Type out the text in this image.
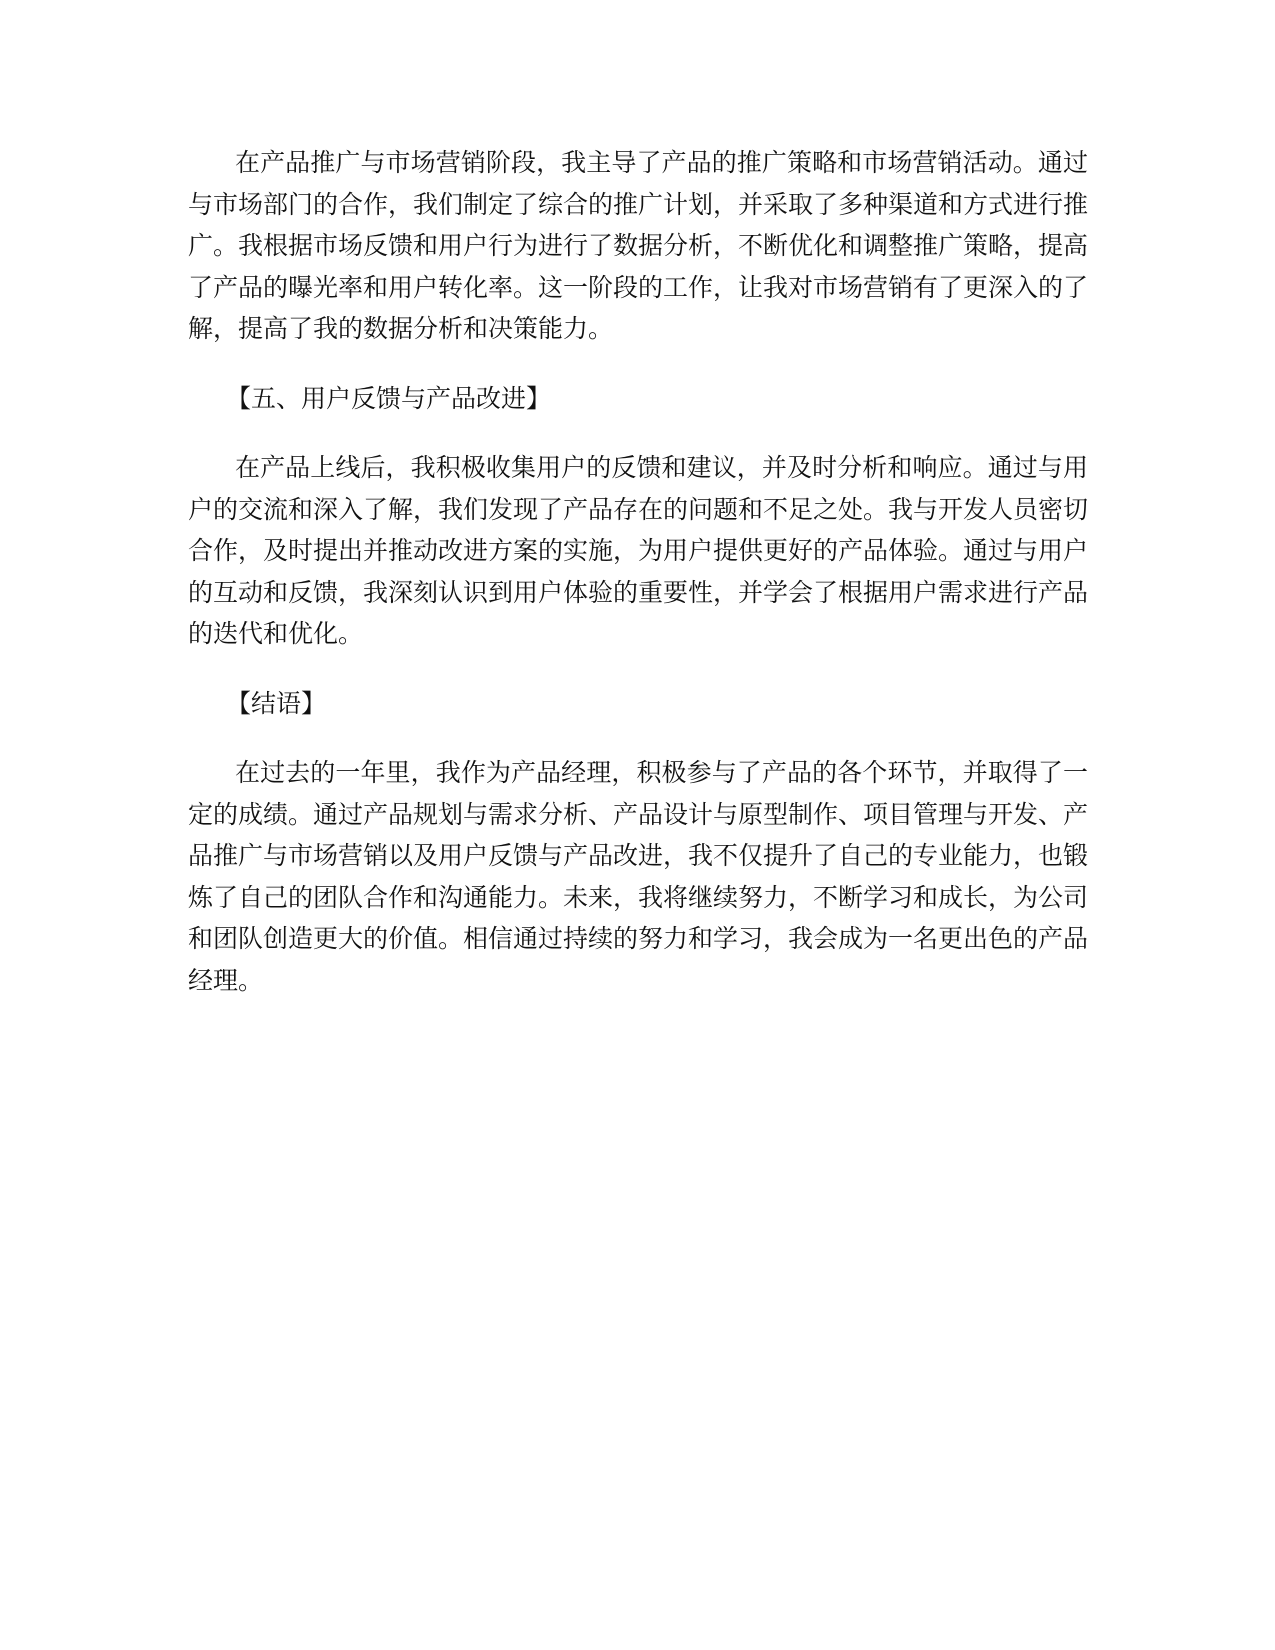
在产品推广与市场营销阶段，我主导了产品的推广策略和市场营销活动。通过与市场部门的合作，我们制定了综合的推广计划，并采取了多种渠道和方式进行推广。我根据市场反馈和用户行为进行了数据分析，不断优化和调整推广策略，提高了产品的曝光率和用户转化率。这一阶段的工作，让我对市场营销有了更深入的了解，提高了我的数据分析和决策能力。

【五、用户反馈与产品改进】

在产品上线后，我积极收集用户的反馈和建议，并及时分析和响应。通过与用户的交流和深入了解，我们发现了产品存在的问题和不足之处。我与开发人员密切合作，及时提出并推动改进方案的实施，为用户提供更好的产品体验。通过与用户的互动和反馈，我深刻认识到用户体验的重要性，并学会了根据用户需求进行产品的迭代和优化。

【结语】

在过去的一年里，我作为产品经理，积极参与了产品的各个环节，并取得了一定的成绩。通过产品规划与需求分析、产品设计与原型制作、项目管理与开发、产品推广与市场营销以及用户反馈与产品改进，我不仅提升了自己的专业能力，也锻炼了自己的团队合作和沟通能力。未来，我将继续努力，不断学习和成长，为公司和团队创造更大的价值。相信通过持续的努力和学习，我会成为一名更出色的产品经理。
